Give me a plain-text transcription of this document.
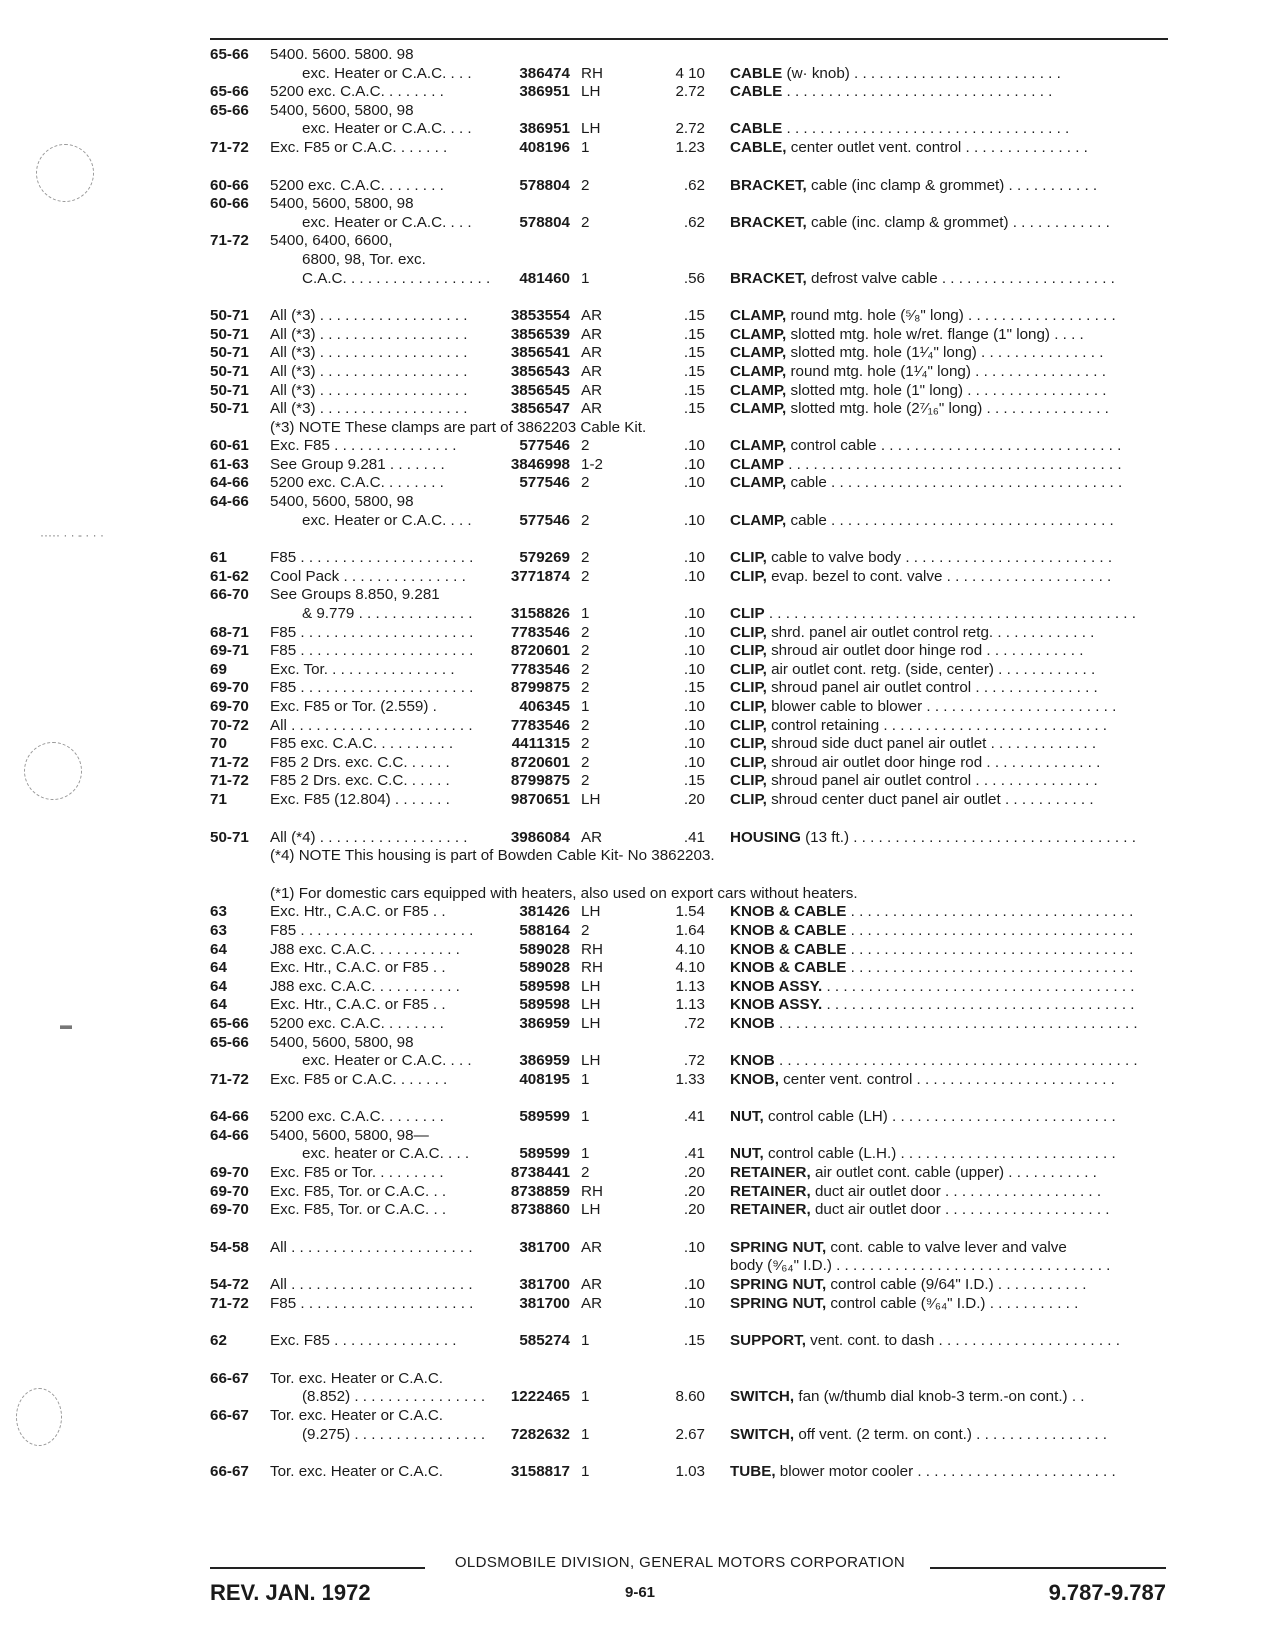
····· · · - · · ·
▬
65-66	5400. 5600. 5800. 98
exc. Heater or C.A.C. . . .	386474 RH	4 10 CABLE (w· knob) . . . . . . . . . . . . . . . . . . . . . . . . .
65-66	5200 exc. C.A.C. . . . . . . .	386951 LH	2.72 CABLE . . . . . . . . . . . . . . . . . . . . . . . . . . . . . . . .
65-66	5400, 5600, 5800, 98
exc. Heater or C.A.C. . . .	386951 LH	2.72 CABLE . . . . . . . . . . . . . . . . . . . . . . . . . . . . . . . . . .
71-72	Exc. F85 or C.A.C. . . . . . .	408196 1	1.23 CABLE, center outlet vent. control . . . . . . . . . . . . . . .
60-66	5200 exc. C.A.C. . . . . . . .	578804 2	.62 BRACKET, cable (inc clamp & grommet) . . . . . . . . . . .
60-66	5400, 5600, 5800, 98
exc. Heater or C.A.C. . . .	578804 2	.62 BRACKET, cable (inc. clamp & grommet) . . . . . . . . . . . .
71-72	5400, 6400, 6600,
6800, 98, Tor. exc.
C.A.C. . . . . . . . . . . . . . . . . .	481460 1	.56 BRACKET, defrost valve cable . . . . . . . . . . . . . . . . . . . . .
50-71	All (*3) . . . . . . . . . . . . . . . . . .	3853554 AR	.15 CLAMP, round mtg. hole (⁵⁄₈" long) . . . . . . . . . . . . . . . . . .
50-71	All (*3) . . . . . . . . . . . . . . . . . .	3856539 AR	.15 CLAMP, slotted mtg. hole w/ret. flange (1" long) . . . .
50-71	All (*3) . . . . . . . . . . . . . . . . . .	3856541 AR	.15 CLAMP, slotted mtg. hole (1¹⁄₄" long) . . . . . . . . . . . . . . .
50-71	All (*3) . . . . . . . . . . . . . . . . . .	3856543 AR	.15 CLAMP, round mtg. hole (1¹⁄₄" long) . . . . . . . . . . . . . . . .
50-71	All (*3) . . . . . . . . . . . . . . . . . .	3856545 AR	.15 CLAMP, slotted mtg. hole (1" long) . . . . . . . . . . . . . . . . .
50-71	All (*3) . . . . . . . . . . . . . . . . . .	3856547 AR	.15 CLAMP, slotted mtg. hole (2⁷⁄₁₆" long) . . . . . . . . . . . . . . .
(*3) NOTE These clamps are part of 3862203 Cable Kit.
60-61	Exc. F85 . . . . . . . . . . . . . . .	577546 2	.10 CLAMP, control cable . . . . . . . . . . . . . . . . . . . . . . . . . . . . .
61-63	See Group 9.281 . . . . . . .	3846998 1-2	.10 CLAMP . . . . . . . . . . . . . . . . . . . . . . . . . . . . . . . . . . . . . . . .
64-66	5200 exc. C.A.C. . . . . . . .	577546 2	.10 CLAMP, cable . . . . . . . . . . . . . . . . . . . . . . . . . . . . . . . . . . .
64-66	5400, 5600, 5800, 98
exc. Heater or C.A.C. . . .	577546 2	.10 CLAMP, cable . . . . . . . . . . . . . . . . . . . . . . . . . . . . . . . . . .
61	F85 . . . . . . . . . . . . . . . . . . . . .	579269 2	.10 CLIP, cable to valve body . . . . . . . . . . . . . . . . . . . . . . . . .
61-62	Cool Pack . . . . . . . . . . . . . . .	3771874 2	.10 CLIP, evap. bezel to cont. valve . . . . . . . . . . . . . . . . . . . .
66-70	See Groups 8.850, 9.281
& 9.779 . . . . . . . . . . . . . .	3158826 1	.10 CLIP . . . . . . . . . . . . . . . . . . . . . . . . . . . . . . . . . . . . . . . . . . . .
68-71	F85 . . . . . . . . . . . . . . . . . . . . .	7783546 2	.10 CLIP, shrd. panel air outlet control retg. . . . . . . . . . . . .
69-71	F85 . . . . . . . . . . . . . . . . . . . . .	8720601 2	.10 CLIP, shroud air outlet door hinge rod . . . . . . . . . . . .
69	Exc. Tor. . . . . . . . . . . . . . . .	7783546 2	.10 CLIP, air outlet cont. retg. (side, center) . . . . . . . . . . . .
69-70	F85 . . . . . . . . . . . . . . . . . . . . .	8799875 2	.15 CLIP, shroud panel air outlet control . . . . . . . . . . . . . . .
69-70	Exc. F85 or Tor. (2.559) .	406345 1	.10 CLIP, blower cable to blower . . . . . . . . . . . . . . . . . . . . . . .
70-72	All . . . . . . . . . . . . . . . . . . . . . .	7783546 2	.10 CLIP, control retaining . . . . . . . . . . . . . . . . . . . . . . . . . . .
70	F85 exc. C.A.C. . . . . . . . . .	4411315 2	.10 CLIP, shroud side duct panel air outlet . . . . . . . . . . . . .
71-72	F85 2 Drs. exc. C.C. . . . . .	8720601 2	.10 CLIP, shroud air outlet door hinge rod . . . . . . . . . . . . . .
71-72	F85 2 Drs. exc. C.C. . . . . .	8799875 2	.15 CLIP, shroud panel air outlet control . . . . . . . . . . . . . . .
71	Exc. F85 (12.804) . . . . . . .	9870651 LH	.20 CLIP, shroud center duct panel air outlet . . . . . . . . . . .
50-71	All (*4) . . . . . . . . . . . . . . . . . .	3986084 AR	.41 HOUSING (13 ft.) . . . . . . . . . . . . . . . . . . . . . . . . . . . . . . . . . .
(*4) NOTE This housing is part of Bowden Cable Kit- No 3862203.
(*1) For domestic cars equipped with heaters, also used on export cars without heaters.
63	Exc. Htr., C.A.C. or F85 . .	381426 LH	1.54 KNOB & CABLE . . . . . . . . . . . . . . . . . . . . . . . . . . . . . . . . . .
63	F85 . . . . . . . . . . . . . . . . . . . . .	588164 2	1.64 KNOB & CABLE . . . . . . . . . . . . . . . . . . . . . . . . . . . . . . . . . .
64	J88 exc. C.A.C. . . . . . . . . . .	589028 RH	4.10 KNOB & CABLE . . . . . . . . . . . . . . . . . . . . . . . . . . . . . . . . . .
64	Exc. Htr., C.A.C. or F85 . .	589028 RH	4.10 KNOB & CABLE . . . . . . . . . . . . . . . . . . . . . . . . . . . . . . . . . .
64	J88 exc. C.A.C. . . . . . . . . . .	589598 LH	1.13 KNOB ASSY. . . . . . . . . . . . . . . . . . . . . . . . . . . . . . . . . . . . . .
64	Exc. Htr., C.A.C. or F85 . .	589598 LH	1.13 KNOB ASSY. . . . . . . . . . . . . . . . . . . . . . . . . . . . . . . . . . . . . .
65-66	5200 exc. C.A.C. . . . . . . .	386959 LH	.72 KNOB . . . . . . . . . . . . . . . . . . . . . . . . . . . . . . . . . . . . . . . . . . .
65-66	5400, 5600, 5800, 98
exc. Heater or C.A.C. . . .	386959 LH	.72 KNOB . . . . . . . . . . . . . . . . . . . . . . . . . . . . . . . . . . . . . . . . . . .
71-72	Exc. F85 or C.A.C. . . . . . .	408195 1	1.33 KNOB, center vent. control . . . . . . . . . . . . . . . . . . . . . . . .
64-66	5200 exc. C.A.C. . . . . . . .	589599 1	.41 NUT, control cable (LH) . . . . . . . . . . . . . . . . . . . . . . . . . . .
64-66	5400, 5600, 5800, 98—
exc. heater or C.A.C. . . .	589599 1	.41 NUT, control cable (L.H.) . . . . . . . . . . . . . . . . . . . . . . . . . .
69-70	Exc. F85 or Tor. . . . . . . . .	8738441 2	.20 RETAINER, air outlet cont. cable (upper) . . . . . . . . . . .
69-70	Exc. F85, Tor. or C.A.C. . .	8738859 RH	.20 RETAINER, duct air outlet door . . . . . . . . . . . . . . . . . . .
69-70	Exc. F85, Tor. or C.A.C. . .	8738860 LH	.20 RETAINER, duct air outlet door . . . . . . . . . . . . . . . . . . . .
54-58	All . . . . . . . . . . . . . . . . . . . . . .	381700 AR	.10 SPRING NUT, cont. cable to valve lever and valve
body (⁹⁄₆₄" I.D.) . . . . . . . . . . . . . . . . . . . . . . . . . . . . . . . . .
54-72	All . . . . . . . . . . . . . . . . . . . . . .	381700 AR	.10 SPRING NUT, control cable (9/64" I.D.) . . . . . . . . . . .
71-72	F85 . . . . . . . . . . . . . . . . . . . . .	381700 AR	.10 SPRING NUT, control cable (⁹⁄₆₄" I.D.) . . . . . . . . . . .
62	Exc. F85 . . . . . . . . . . . . . . .	585274 1	.15 SUPPORT, vent. cont. to dash . . . . . . . . . . . . . . . . . . . . . .
66-67	Tor. exc. Heater or C.A.C.
(8.852) . . . . . . . . . . . . . . . .	1222465 1	8.60 SWITCH, fan (w/thumb dial knob-3 term.-on cont.) . .
66-67	Tor. exc. Heater or C.A.C.
(9.275) . . . . . . . . . . . . . . . .	7282632 1	2.67 SWITCH, off vent. (2 term. on cont.) . . . . . . . . . . . . . . . .
66-67	Tor. exc. Heater or C.A.C.	3158817 1	1.03 TUBE, blower motor cooler . . . . . . . . . . . . . . . . . . . . . . . .
OLDSMOBILE DIVISION, GENERAL MOTORS CORPORATION
REV. JAN. 1972	9-61	9.787-9.787
